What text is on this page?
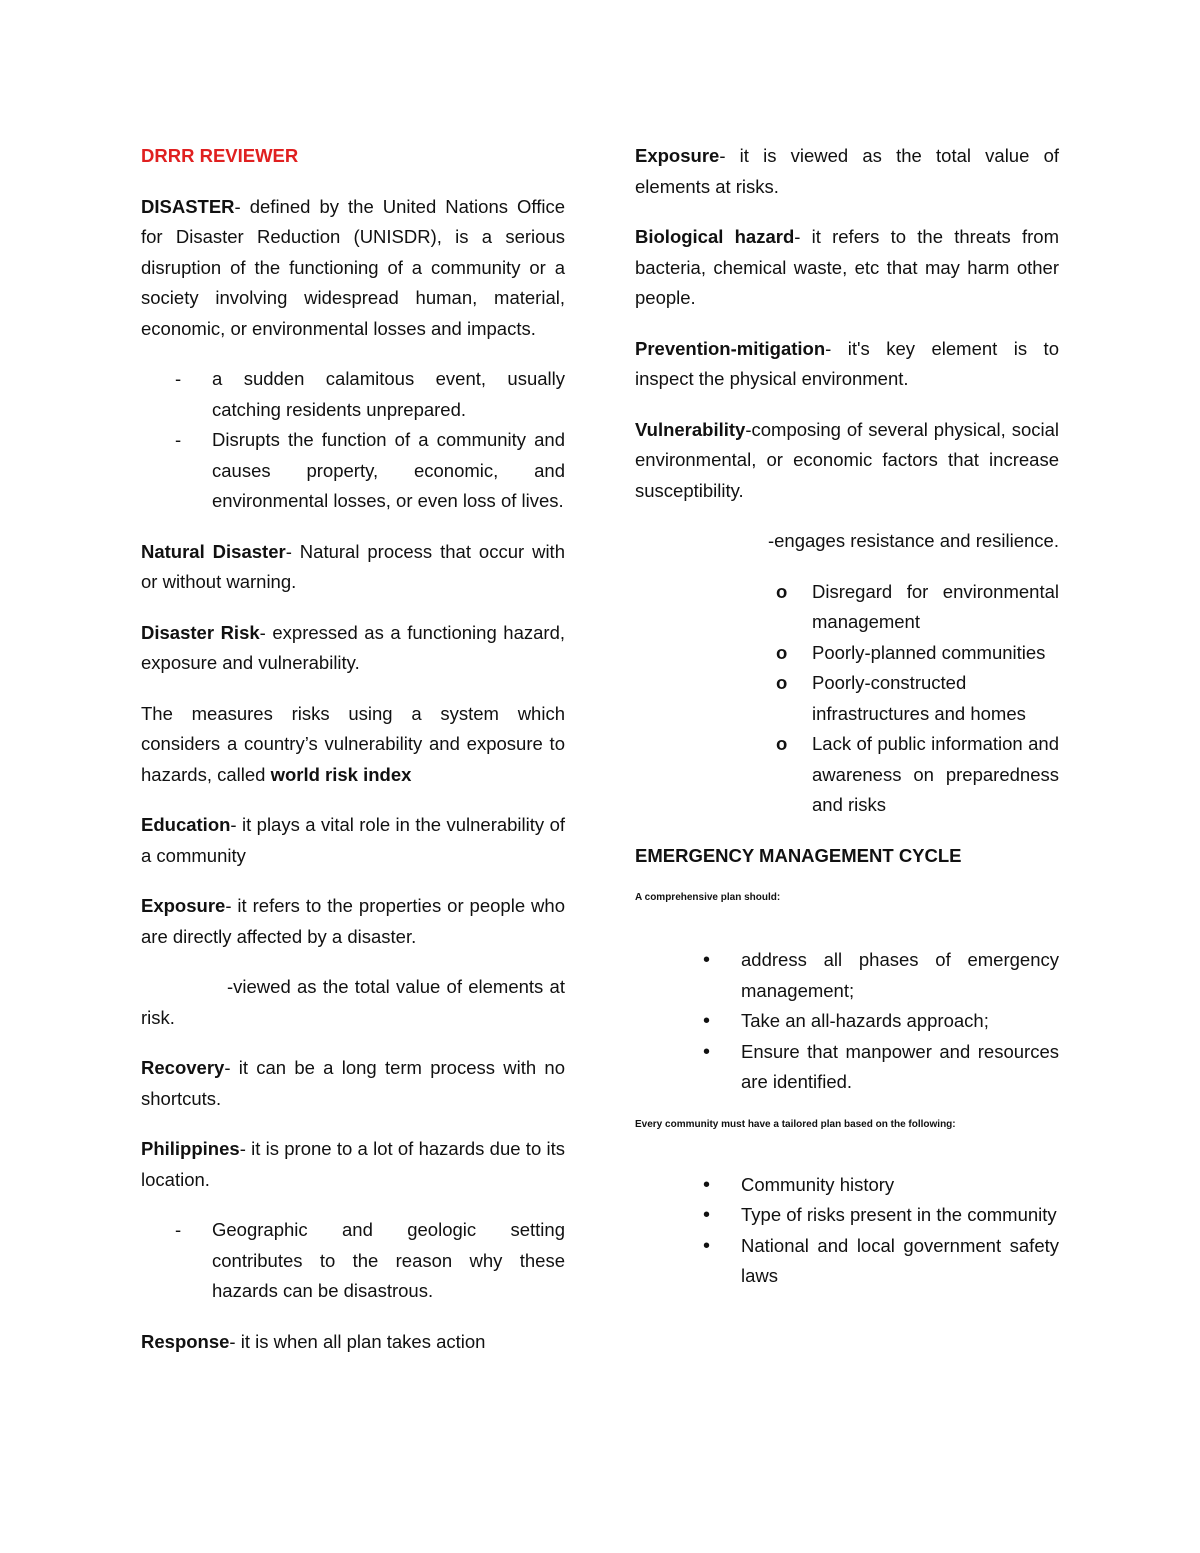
DRRR REVIEWER

DISASTER- defined by the United Nations Office for Disaster Reduction (UNISDR), is a serious disruption of the functioning of a community or a society involving widespread human, material, economic, or environmental losses and impacts.

- a sudden calamitous event, usually catching residents unprepared.
- Disrupts the function of a community and causes property, economic, and environmental losses, or even loss of lives.

Natural Disaster- Natural process that occur with or without warning.

Disaster Risk- expressed as a functioning hazard, exposure and vulnerability.

The measures risks using a system which considers a country’s vulnerability and exposure to hazards, called world risk index

Education- it plays a vital role in the vulnerability of a community

Exposure- it refers to the properties or people who are directly affected by a disaster.

-viewed as the total value of elements at risk.

Recovery- it can be a long term process with no shortcuts.

Philippines- it is prone to a lot of hazards due to its location.

- Geographic and geologic setting contributes to the reason why these hazards can be disastrous.

Response- it is when all plan takes action

Exposure- it is viewed as the total value of elements at risks.

Biological hazard- it refers to the threats from bacteria, chemical waste, etc that may harm other people.

Prevention-mitigation- it's key element is to inspect the physical environment.

Vulnerability-composing of several physical, social environmental, or economic factors that increase susceptibility.

-engages resistance and resilience.

o Disregard for environmental management
o Poorly-planned communities
o Poorly-constructed infrastructures and homes
o Lack of public information and awareness on preparedness and risks

EMERGENCY MANAGEMENT CYCLE

A comprehensive plan should:

• address all phases of emergency management;
• Take an all-hazards approach;
• Ensure that manpower and resources are identified.

Every community must have a tailored plan based on the following:

• Community history
• Type of risks present in the community
• National and local government safety laws
